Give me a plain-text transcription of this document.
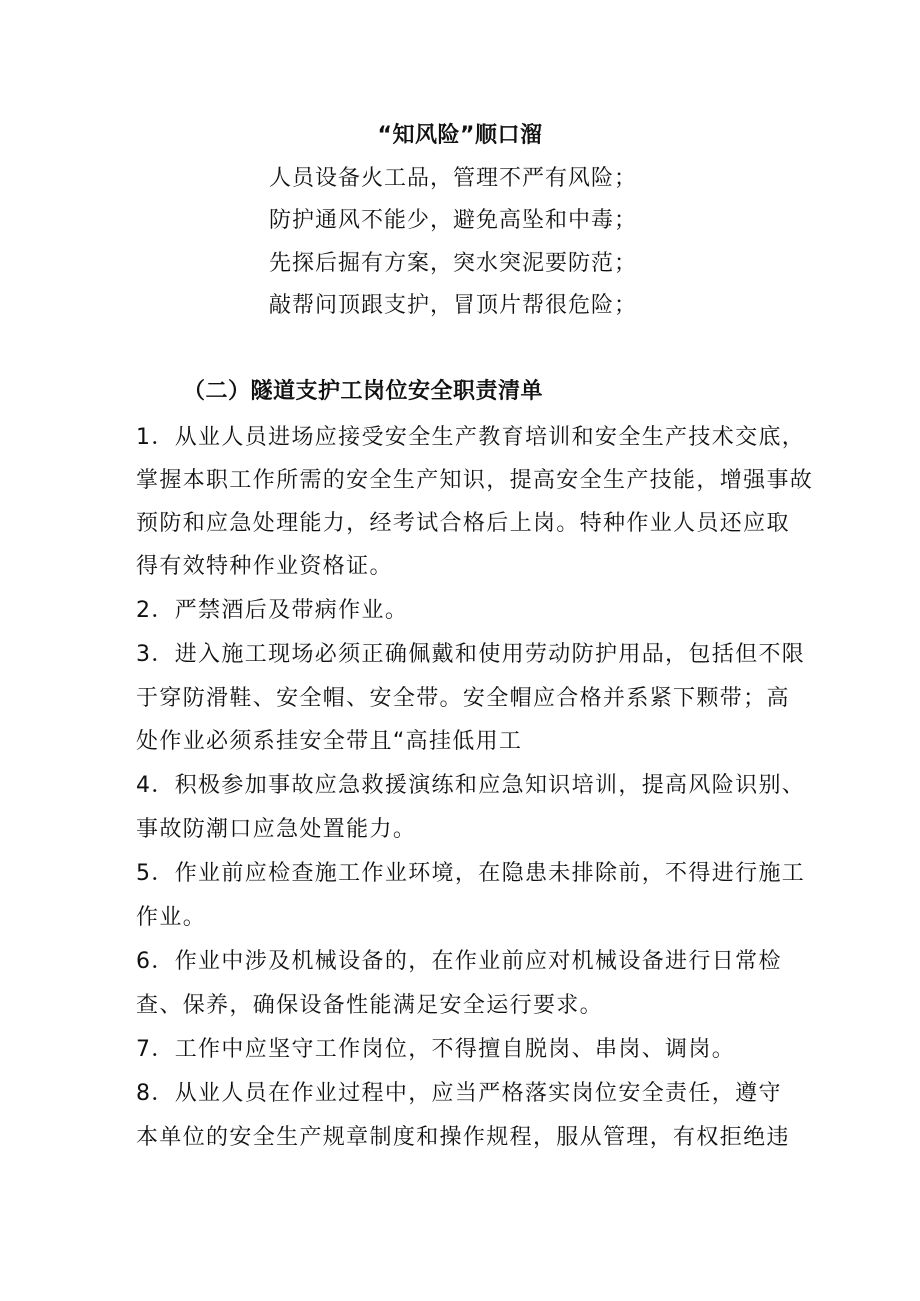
“知风险”顺口溜
人员设备火工品，管理不严有风险；
防护通风不能少，避免高坠和中毒；
先探后掘有方案，突水突泥要防范；
敲帮问顶跟支护，冒顶片帮很危险；
（二）隧道支护工岗位安全职责清单
1．从业人员进场应接受安全生产教育培训和安全生产技术交底，
掌握本职工作所需的安全生产知识，提高安全生产技能，增强事故
预防和应急处理能力，经考试合格后上岗。特种作业人员还应取
得有效特种作业资格证。
2．严禁酒后及带病作业。
3．进入施工现场必须正确佩戴和使用劳动防护用品，包括但不限
于穿防滑鞋、安全帽、安全带。安全帽应合格并系紧下颗带；高
处作业必须系挂安全带且“高挂低用工
4．积极参加事故应急救援演练和应急知识培训，提高风险识别、
事故防潮口应急处置能力。
5．作业前应检查施工作业环境，在隐患未排除前，不得进行施工
作业。
6．作业中涉及机械设备的，在作业前应对机械设备进行日常检
查、保养，确保设备性能满足安全运行要求。
7．工作中应坚守工作岗位，不得擅自脱岗、串岗、调岗。
8．从业人员在作业过程中，应当严格落实岗位安全责任，遵守
本单位的安全生产规章制度和操作规程，服从管理，有权拒绝违
